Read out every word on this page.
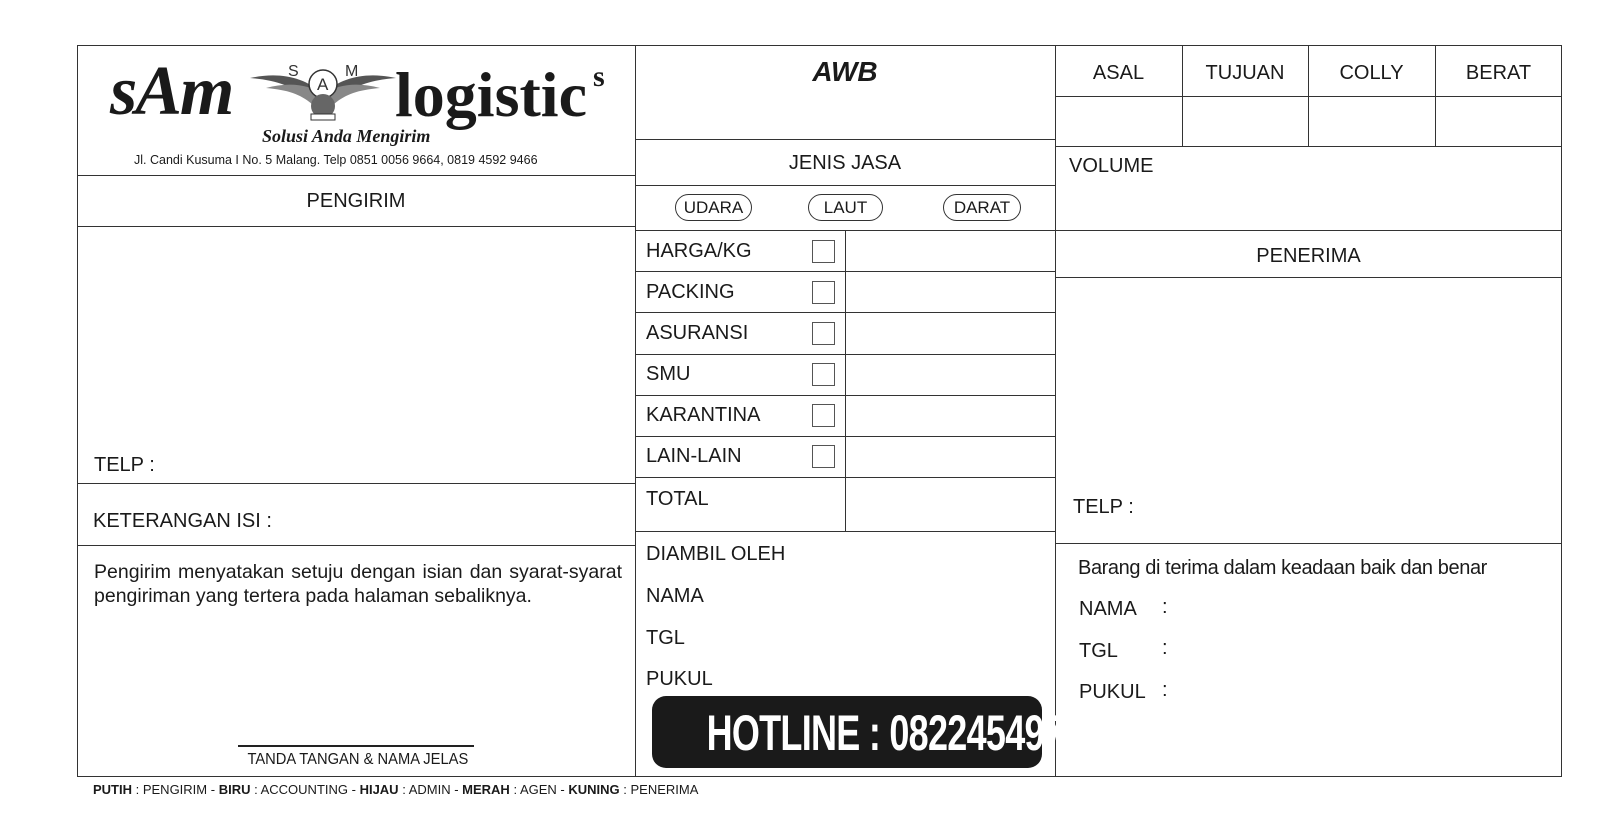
sAm	S
A
M logistic s
Solusi Anda Mengirim
Jl. Candi Kusuma I No. 5 Malang. Telp 0851 0056 9664, 0819 4592 9466
PENGIRIM
TELP :
KETERANGAN ISI :
Pengirim menyatakan setuju dengan isian dan syarat-syarat pengiriman yang tertera pada halaman sebaliknya.
TANDA TANGAN & NAMA JELAS
AWB
JENIS JASA
UDARA	LAUT	DARAT
HARGA/KG
PACKING
ASURANSI
SMU
KARANTINA
LAIN-LAIN
TOTAL
DIAMBIL OLEH
NAMA
TGL
PUKUL
HOTLINE : 082245497511
ASAL	TUJUAN	COLLY	BERAT
VOLUME
PENERIMA
TELP :
Barang di terima dalam keadaan baik dan benar
NAMA :
TGL :
PUKUL :
PUTIH : PENGIRIM - BIRU : ACCOUNTING - HIJAU : ADMIN - MERAH : AGEN - KUNING : PENERIMA
